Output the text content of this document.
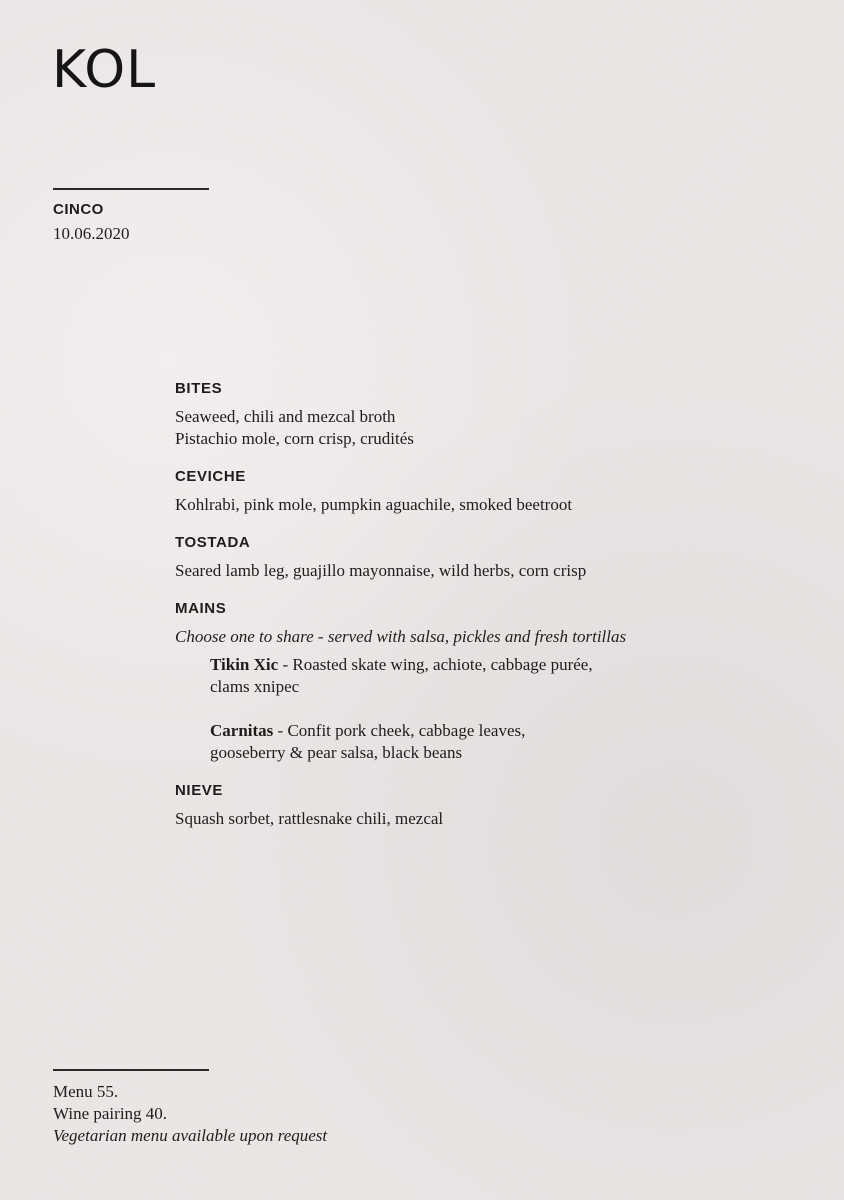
KOL
CINCO
10.06.2020
BITES

Seaweed, chili and mezcal broth

Pistachio mole, corn crisp, crudités

CEVICHE

Kohlrabi, pink mole, pumpkin aguachile, smoked beetroot

TOSTADA

Seared lamb leg, guajillo mayonnaise, wild herbs, corn crisp

MAINS

Choose one to share - served with salsa, pickles and fresh tortillas

Tikin Xic - Roasted skate wing, achiote, cabbage purée,
clams xnipec
Carnitas - Confit pork cheek, cabbage leaves,
gooseberry & pear salsa, black beans
NIEVE

Squash sorbet, rattlesnake chili, mezcal

Menu 55.

Wine pairing 40.

Vegetarian menu available upon request
